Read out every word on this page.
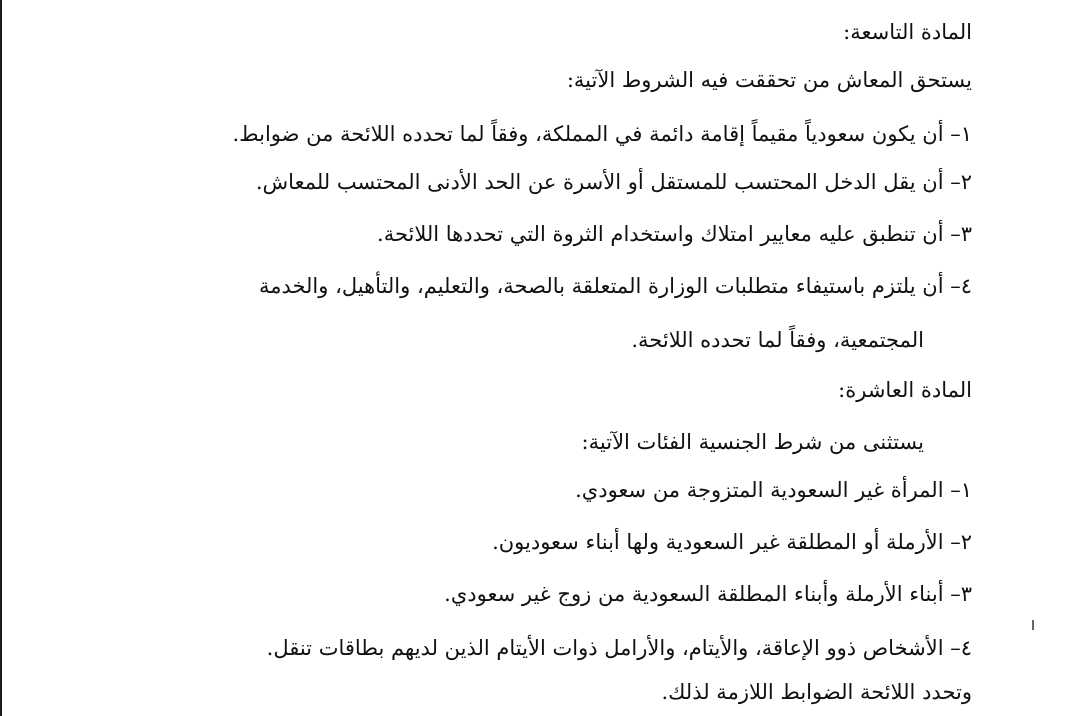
المادة التاسعة:
يستحق المعاش من تحققت فيه الشروط الآتية:
١– أن يكون سعودياً مقيماً إقامة دائمة في المملكة، وفقاً لما تحدده اللائحة من ضوابط.
٢– أن يقل الدخل المحتسب للمستقل أو الأسرة عن الحد الأدنى المحتسب للمعاش.
٣– أن تنطبق عليه معايير امتلاك واستخدام الثروة التي تحددها اللائحة.
٤– أن يلتزم باستيفاء متطلبات الوزارة المتعلقة بالصحة، والتعليم، والتأهيل، والخدمة
المجتمعية، وفقاً لما تحدده اللائحة.
المادة العاشرة:
يستثنى من شرط الجنسية الفئات الآتية:
١– المرأة غير السعودية المتزوجة من سعودي.
٢– الأرملة أو المطلقة غير السعودية ولها أبناء سعوديون.
٣– أبناء الأرملة وأبناء المطلقة السعودية من زوج غير سعودي.
٤– الأشخاص ذوو الإعاقة، والأيتام، والأرامل ذوات الأيتام الذين لديهم بطاقات تنقل.
وتحدد اللائحة الضوابط اللازمة لذلك.
